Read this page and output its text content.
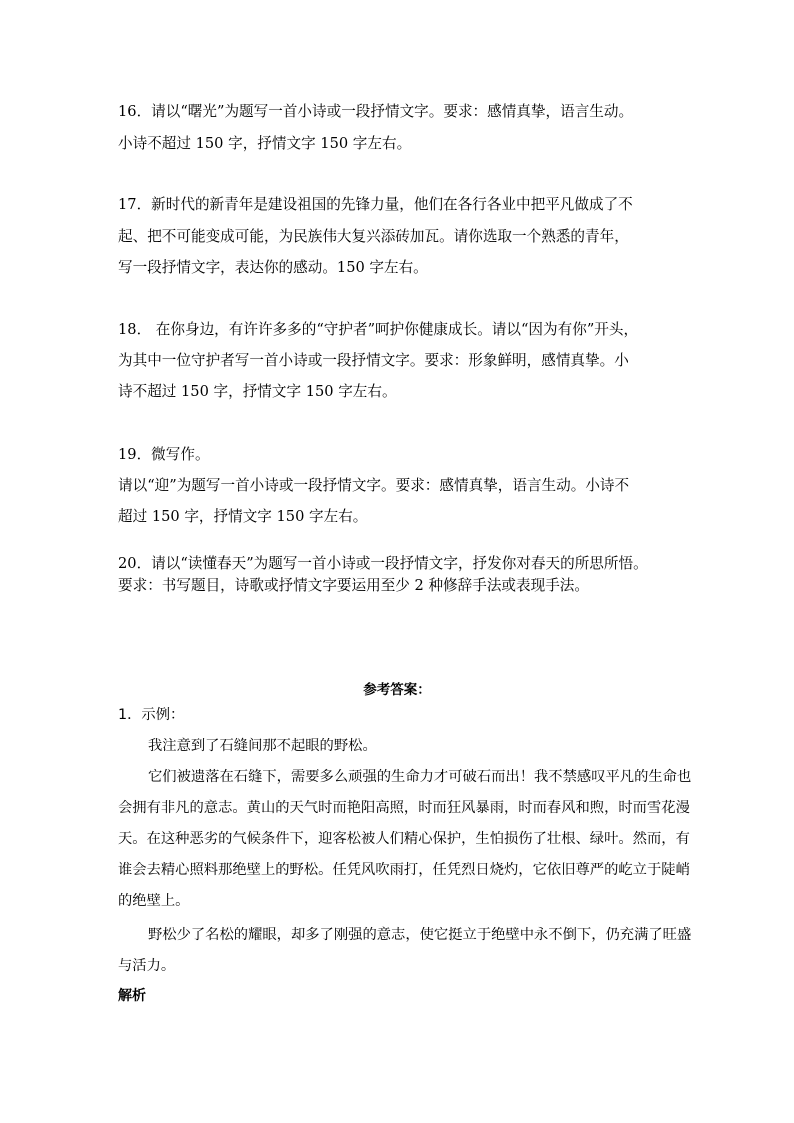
16．请以“曙光”为题写一首小诗或一段抒情文字。要求：感情真挚，语言生动。
小诗不超过 150 字，抒情文字 150 字左右。
17．新时代的新青年是建设祖国的先锋力量，他们在各行各业中把平凡做成了不
起、把不可能变成可能，为民族伟大复兴添砖加瓦。请你选取一个熟悉的青年，
写一段抒情文字，表达你的感动。150 字左右。
18． 在你身边，有许许多多的“守护者”呵护你健康成长。请以“因为有你”开头，
为其中一位守护者写一首小诗或一段抒情文字。要求：形象鲜明，感情真挚。小
诗不超过 150 字，抒情文字 150 字左右。
19．微写作。
请以“迎”为题写一首小诗或一段抒情文字。要求：感情真挚，语言生动。小诗不
超过 150 字，抒情文字 150 字左右。
20．请以“读懂春天”为题写一首小诗或一段抒情文字，抒发你对春天的所思所悟。
要求：书写题目，诗歌或抒情文字要运用至少 2 种修辞手法或表现手法。
参考答案：
1．示例：
我注意到了石缝间那不起眼的野松。
它们被遗落在石缝下，需要多么顽强的生命力才可破石而出！我不禁感叹平凡的生命也
会拥有非凡的意志。黄山的天气时而艳阳高照，时而狂风暴雨，时而春风和煦，时而雪花漫
天。在这种恶劣的气候条件下，迎客松被人们精心保护，生怕损伤了壮根、绿叶。然而，有
谁会去精心照料那绝壁上的野松。任凭风吹雨打，任凭烈日烧灼，它依旧尊严的屹立于陡峭
的绝壁上。
野松少了名松的耀眼，却多了刚强的意志，使它挺立于绝壁中永不倒下，仍充满了旺盛
与活力。
解析
